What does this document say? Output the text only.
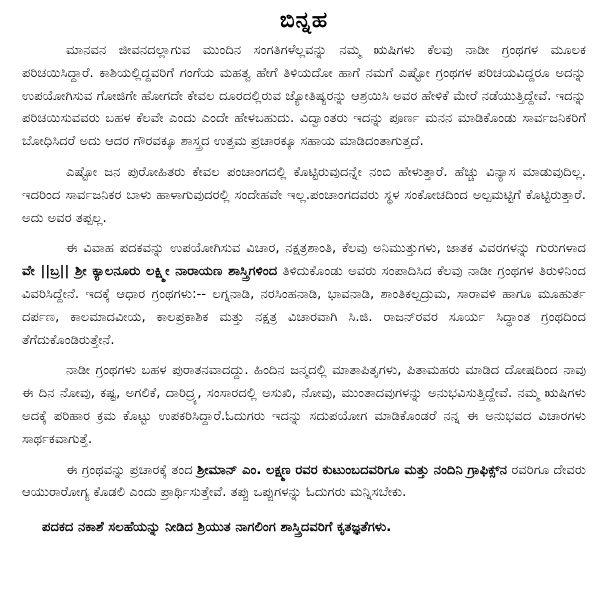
ಬಿನ್ನಹ

ಮಾನವನ ಜೀವನದಲ್ಲಾಗುವ ಮುಂದಿನ ಸಂಗತಿಗಳೆಲ್ಲವನ್ನು ನಮ್ಮ ಋಷಿಗಳು ಕೆಲವು ನಾಡೀ ಗ್ರಂಥಗಳ ಮೂಲಕ ಪರಿಚಯಿಸಿದ್ದಾರೆ. ಕಾಶಿಯಲ್ಲಿದ್ದವರಿಗೆ ಗಂಗೆಯ ಮಹತ್ವ ಹೇಗೆ ತಿಳಿಯದೋ ಹಾಗೆ ನಮಗೆ ಎಷ್ಟೋ ಗ್ರಂಥಗಳ ಪರಿಚಯವಿದ್ದರೂ ಅದನ್ನು ಉಪಯೋಗಿಸುವ ಗೋಜಿಗೇ ಹೋಗದೇ ಕೇವಲ ದೂರದಲ್ಲಿರುವ ಜ್ಯೋತಿಷ್ಯರನ್ನು ಆಶ್ರಯಿಸಿ ಅವರ ಹೇಳಿಕೆ ಮೇರೆ ನಡೆಯುತ್ತಿದ್ದೇವೆ. ಇದನ್ನು ಪರಿಚಯಿಸುವವರು ಬಹಳ ಕೆಲವೇ ಎಂದು ಎಂದೇ ಹೇಳಬಹುದು. ವಿದ್ವಾಂತರು ಇದನ್ನು ಪೂರ್ಣ ಮನನ ಮಾಡಿಕೊಂಡು ಸಾರ್ವಜನಿಕರಿಗೆ ಬೋಧಿಸಿದರೆ ಅದು ಆದರ ಗೌರವಕ್ಕೂ ಶಾಸ್ತ್ರದ ಉತ್ತಮ ಪ್ರಚಾರಕ್ಕೂ ಸಹಾಯ ಮಾಡಿದಂತಾಗುತ್ತದೆ.

ಎಷ್ಟೋ ಜನ ಪುರೋಹಿತರು ಕೇವಲ ಪಂಚಾಂಗದಲ್ಲಿ ಕೊಟ್ಟಿರುವುದನ್ನೇ ನಂಬಿ ಹೇಳುತ್ತಾರೆ. ಹೆಚ್ಚು ವಿನ್ಯಾಸ ಮಾಡುವುದಿಲ್ಲ. ಇದರಿಂದ ಸಾರ್ವಜನಿಕರ ಬಾಳು ಹಾಳಾಗುವುದರಲ್ಲಿ ಸಂದೇಹವೇ ಇಲ್ಲ.ಪಂಚಾಂಗದವರು ಸ್ಥಳ ಸಂಕೋಚದಿಂದ ಅಲ್ಪಮಟ್ಟಿಗೆ ಕೊಟ್ಟಿರುತ್ತಾರೆ. ಅದು ಅವರ ತಪ್ಪಲ್ಲ.

ಈ ವಿವಾಹ ಪದಕವನ್ನು ಉಪಯೋಗಿಸುವ ವಿಚಾರ, ನಕ್ಷತ್ರಶಾಂತಿ, ಕೆಲವು ಅನಿಮುತ್ತುಗಳು, ಜಾತಕ ವಿವರಗಳನ್ನು ಗುರುಗಳಾದ ವೇ ||ಬ್ರ|| ಶ್ರೀ ಕ್ಯಾಲನೂರು ಲಕ್ಷ್ಮೀ ನಾರಾಯಣ ಶಾಸ್ತ್ರಿಗಳಿಂದ ತಿಳಿದುಕೊಂಡು ಅವರು ಸಂಪಾದಿಸಿದ ಕೆಲವು ನಾಡೀ ಗ್ರಂಥಗಳ ತಿರುಳಿನಿಂದ ವಿವರಿಸಿದ್ದೇನೆ. ಇದಕ್ಕೆ ಆಧಾರ ಗ್ರಂಥಗಳು:-- ಲಗ್ನನಾಡಿ, ನರಸಿಂಹನಾಡಿ, ಭಾವನಾಡಿ, ಶಾಂತಿಕಲ್ಪದ್ರುಮ, ಸಾರಾವಳಿ ಹಾಗೂ ಮೂಹುರ್ತ ದರ್ಪಣ, ಕಾಲಮಾದವೀಯ, ಕಾಲಪ್ರಕಾಶಿಕ ಮತ್ತು ನಕ್ಷತ್ರ ವಿಚಾರವಾಗಿ ಸಿ.ಜಿ. ರಾಜನ್‌ರವರ ಸೂರ್ಯ ಸಿದ್ಧಾಂತ ಗ್ರಂಥದಿಂದ ತೆಗೆದುಕೊಂಡಿರುತ್ತೇನೆ.

ನಾಡೀ ಗ್ರಂಥಗಳು ಬಹಳ ಪುರಾತನವಾದದ್ದು. ಹಿಂದಿನ ಜನ್ಮದಲ್ಲಿ ಮಾತಾಪಿತೃಗಳು, ಪಿತಾಮಹರು ಮಾಡಿದ ದೋಷದಿಂದ ನಾವು ಈ ದಿನ ನೋವು, ಕಷ್ಟ, ಅಗಲಿಕೆ, ದಾರಿದ್ರ್ಯ, ಸಂಸಾರದಲ್ಲಿ ಅಸುಖಿ, ನೋವು, ಮುಂತಾದವುಗಳನ್ನು ಅನುಭವಿಸುತ್ತಿದ್ದೇವೆ. ನಮ್ಮ ಋಷಿಗಳು ಅದಕ್ಕೆ ಪರಿಹಾರ ಕ್ರಮ ಕೊಟ್ಟು ಉಪಕರಿಸಿದ್ದಾರೆ.ಓದುಗರು ಇದನ್ನು ಸದುಪಯೋಗ ಮಾಡಿಕೊಂಡರೆ ನನ್ನ ಈ ಅನುಭವದ ವಿಚಾರಗಳು ಸಾರ್ಥಕವಾಗುತ್ತೆ.

ಈ ಗ್ರಂಥವನ್ನು ಪ್ರಚಾರಕ್ಕೆ ತಂದ ಶ್ರೀಮಾನ್ ಎಂ. ಲಕ್ಷ್ಮಣ ರವರ ಕುಟುಂಬದವರಿಗೂ ಮತ್ತು ನಂದಿನಿ ಗ್ರಾಫಿಕ್ಸ್‌ನ ರವರಿಗೂ ದೇವರು ಆಯುರಾರೋಗ್ಯ ಕೊಡಲಿ ಎಂದು ಪ್ರಾರ್ಥಿಸುತ್ತೇವೆ. ತಪ್ಪು ಒಪ್ಪುಗಳನ್ನು ಓದುಗರು ಮನ್ನಿಸಬೇಕು.

ಪದಕದ ನಕಾಶೆ ಸಲಹೆಯನ್ನು ನೀಡಿದ ಶ್ರಿಯುತ ನಾಗಲಿಂಗ ಶಾಸ್ತ್ರಿದವರಿಗೆ ಕೃತಜ್ಞತೆಗಳು.
